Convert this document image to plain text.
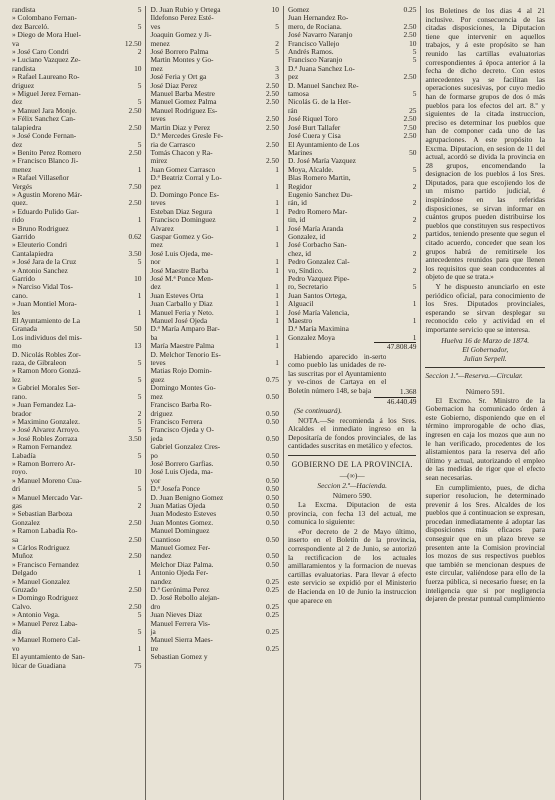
randista	5
» Colombano Fernan-
dez Barceló.	5
» Diego de Mora Huel-
va	12.50
» José Caro Condri	2
» Luciano Vazquez Ze-
randista	10
» Rafael Laureano Ro-
driguez	5
» Miguel Jerez Fernan-
dez	5
» Manuel Jara Monje.	2.50
» Félix Sanchez Can-
talapiedra	2.50
» José Conde Fernan-
dez	5
» Benito Perez Romero	2.50
» Francisco Blanco Ji-
menez	1
» Rafael Villaseñor
Vergés	7.50
» Agustin Moreno Már-
quez.	2.50
» Eduardo Pulido Gar-
rido	1
» Bruno Rodriguez
Garrido	0.62
» Eleuterio Condri
Cantalapiedra	3.50
» José Jara de la Cruz	5
» Antonio Sanchez
Garrido	10
» Narciso Vidal Tos-
cano.	1
» Juan Montiel Mora-
les	1
El Ayuntamiento de La
Granada	50
Los individuos del mis-
mo	13
D. Nicolás Robles Zor-
raza, de Gibraleon	5
» Ramon Moro Gonzá-
lez	5
» Gabriel Morales Ser-
rano.	5
» Juan Fernandez La-
brador	2
» Maximino Gonzalez.	5
» José Alvarez Arroyo.	5
» José Robles Zorraza	3.50
» Ramon Fernandez
Labadía	5
» Ramon Borrero Ar-
royo.	10
» Manuel Moreno Cua-
dri	5
» Manuel Mercado Var-
gas	2
» Sebastian Barboza
Gonzalez	2.50
» Ramon Labadía Ro-
sa	2.50
» Cárlos Rodriguez
Muñoz	2.50
» Francisco Fernandez
Delgado	1
» Manuel Gonzalez
Gruzado	2.50
» Domingo Rodriguez
Calvo.	2.50
» Antonio Vega.	5
» Manuel Perez Laba-
día	5
» Manuel Romero Cal-
vo	1
El ayuntamiento de San-
lúcar de Guadiana	75
D. Juan Rubio y Ortega	10
Ildefonso Perez Esté-
ves	5
Joaquin Gomez y Ji-
menez	2
José Borrero Palma	5
Martin Montes y Go-
mez	3
José Feria y Ort ga	3
José Diaz Perez	2.50
Manuel Barba Mestre	2.50
Manuel Gomez Palma	2.50
Manuel Rodriguez Es-
teves	2.50
Martin Diaz y Perez	2.50
D.ª Mercedes Gresle Fe-
ria de Carrasco	2.50
Tomás Chacon y Ra-
mirez	2.50
Juan Gomez Carrasco	1
D.ª Beatriz Corral y Lo-
pez	1
D. Domingo Ponce Es-
teves	1
Esteban Diaz Segura	1
Francisco Dominguez
Alvarez	1
Gaspar Gomez y Go-
mez	1
José Luis Ojeda, me-
nor	1
José Maestre Barba	1
José M.ª Ponce Men-
dez	1
Juan Esteves Orta	1
Juan Carballo y Diaz	1
Manuel Feria y Neto.	1
Manuel José Ojeda	1
D.ª María Amparo Bar-
ba	1
María Maestre Palma	1
D. Melchor Tenorio Es-
teves	1
Matias Rojo Domin-
guez	0.75
Domingo Montes Go-
mez	0.50
Francisco Barba Ro-
driguez	0.50
Francisco Ferrera	0.50
Francisco Ojeda y O-
jeda	0.50
Gabriel Gonzalez Cres-
po	0.50
José Borrero Garfias.	0.50
José Luis Ojeda, ma-
yor	0.50
D.ª Josefa Ponce	0.50
D. Juan Benigno Gomez	0.50
Juan Matias Ojeda	0.50
Juan Modesto Esteves	0.50
Juan Montes Gomez.	0.50
Manuel Dominguez
Cuantioso	0.50
Manuel Gomez Fer-
nandez	0.50
Melchor Diaz Palma.	0.50
Antonio Ojeda Fer-
nandez	0.25
D.ª Gerónima Perez	0.25
D. José Rebollo alejan-
dro	0.25
Juan Nieves Diaz	0.25
Manuel Ferrera Vis-
ja	0.25
Manuel Sierra Maes-
tre	0.25
Sebastian Gomez y
Gomez	0.25
Juan Hernandez Ro-
mero, de Rociana.	2.50
José Navarro Naranjo	2.50
Francisco Vallejo	10
Andrés Ramos.	5
Francisco Naranjo	5
D.ª Juana Sanchez Lo-
pez	2.50
D. Manuel Sanchez Re-
tamosa	5
Nicolás G. de la Her-
rán	25
José Riquel Toro	2.50
José Burt Tallafer	7.50
José Cuera y Cisa	2.50
El Ayuntamiento de Los
Marines	50
D. José María Vazquez
Moya, Alcalde.	5
Blas Romero Martin,
Regidor	2
Eugenio Sanchez Du-
rán, id	2
Pedro Romero Mar-
tin, id	2
José María Aranda
Gonzalez, id	2
José Corbacho San-
chez, id	2
Pedro Gonzalez Cal-
vo, Síndico.	2
Pedro Vazquez Pipe-
ro, Secretario	5
Juan Santos Ortega,
Alguacil	1
José María Valencia,
Maestro	1
D.ª María Maximina
Gonzalez Moya	1
47.808.49
Habiendo aparecido in-serto como pueblo las unidades de re-las suscritas por el Ayuntamiento y ve-cinos de Cartaya en el Boletín número 148, se baja	1.368
46.440.49
(Se continuará).
NOTA.—Se recomienda á los Sres. Alcaldes el inmediato ingreso en la Depositaría de fondos provinciales, de las cantidades suscritas en metálico y efectos.
GOBIERNO DE LA PROVINCIA.
—(∞)—
Seccion 2.ª—Hacienda.
Número 590.
La Excma. Diputacion de esta provincia, con fecha 13 del actual, me comunica lo siguiente:
«Por decreto de 2 de Mayo último, inserto en el Boletín de la provincia, correspondiente al 2 de Junio, se autorizó la rectificacion de los actuales amillaramientos y la formacion de nuevas cartillas evaluatorias. Para llevar á efecto este servicio se expidió por el Ministerio de Hacienda en 10 de Junio la instruccion que aparece en
los Boletines de los dias 4 al 21 inclusive. Por consecuencia de las citadas disposiciones, la Diputacion tiene que intervenir en aquellos trabajos, y á este propósito se han reunido las cartillas evaluatorias correspondientes á época anterior á la fecha de dicho decreto. Con estos antecedentes ya se facilitan las operaciones sucesivas, por cuyo medio han de formarse grupos de dos ó más pueblos para los efectos del art. 8.º y siguientes de la citada instruccion, preciso es determinar los pueblos que han de componer cada uno de las agrupaciones. A este propósito la Excma. Diputacion, en sesion de 11 del actual, acordó se divida la provincia en 28 grupos, encomendando la designacion de los pueblos á los Sres. Diputados, para que escojiendo los de un mismo partido judicial, é inspirándose en las referidas disposiciones, se sirvan informar en cuántos grupos pueden distribuirse los pueblos que constituyen sus respectivos partidos, teniendo presente que segun el citado acuerdo, conceder que sean los grupos habrá de remitirsele los antecedentes reunidos para que llenen los requisitos que sean conducentes al objeto de que se trata.»
Y he dispuesto anunciarlo en este periódico oficial, para conocimiento de los Sres. Diputados provinciales, esperando se sirvan desplegar su reconocido celo y actividad en el importante servicio que se interesa.
Huelva 16 de Marzo de 1874.
El Gobernador,
Julian Serpell.
Seccion 1.ª—Reserva.—Circular.
Número 591.
El Excmo. Sr. Ministro de la Gobernacion ha comunicado órden á este Gobierno, disponiendo que en el término improrogable de ocho dias, ingresen en caja los mozos que aun no le han verificado, procedentes de los alistamientos para la reserva del año último y actual, autorizando el empleo de las medidas de rigor que el efecto sean necesarias.
En cumplimiento, pues, de dicha superior resolucion, he determinado prevenir á los Sres. Alcaldes de los pueblos que á continuacion se expresan, procedan inmediatamente á adoptar las disposiciones más eficaces para conseguir que en un plazo breve se presenten ante la Comision provincial los mozos de sus respectivos pueblos que también se mencionan despues de este circular, valiéndose para ello de la fuerza pública, si necesario fuese; en la inteligencia que si por negligencia dejaren de prestar puntual cumplimiento
